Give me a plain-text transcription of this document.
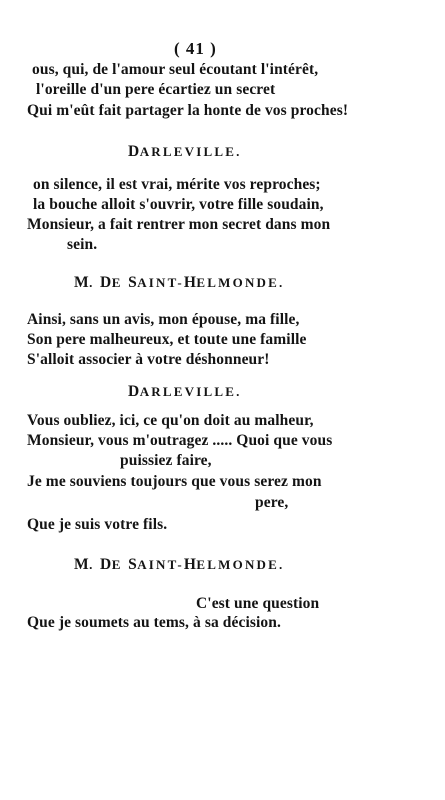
( 41 )
ous, qui, de l'amour seul écoutant l'intérêt,
l'oreille d'un pere écartiez un secret
Qui m'eût fait partager la honte de vos proches!
DARLEVILLE.
on silence, il est vrai, mérite vos reproches;
la bouche alloit s'ouvrir, votre fille soudain,
Monsieur, a fait rentrer mon secret dans mon
sein.
M. DE SAINT-HELMONDE.
Ainsi, sans un avis, mon épouse, ma fille,
Son pere malheureux, et toute une famille
S'alloit associer à votre déshonneur!
DARLEVILLE.
Vous oubliez, ici, ce qu'on doit au malheur,
Monsieur, vous m'outragez ..... Quoi que vous
puissiez faire,
Je me souviens toujours que vous serez mon
pere,
Que je suis votre fils.
M. DE SAINT-HELMONDE.
C'est une question
Que je soumets au tems, à sa décision.
